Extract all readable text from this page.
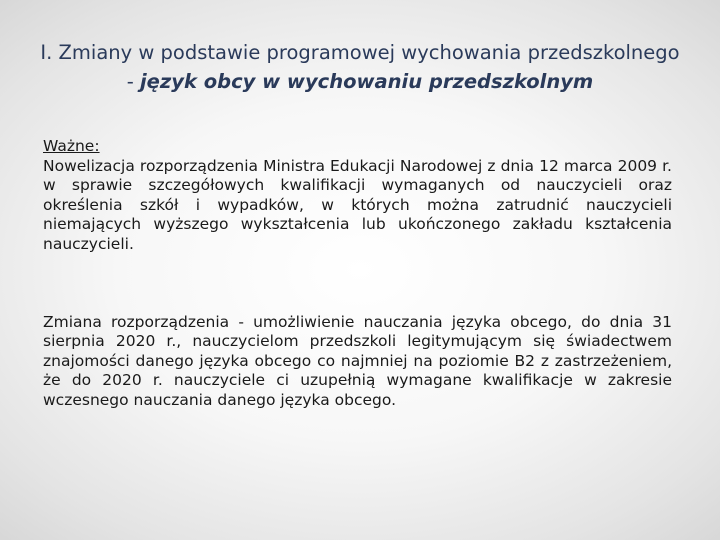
I. Zmiany w podstawie programowej wychowania przedszkolnego - język obcy w wychowaniu przedszkolnym
Ważne:
Nowelizacja rozporządzenia Ministra Edukacji Narodowej z dnia 12 marca 2009 r. w sprawie szczegółowych kwalifikacji wymaganych od nauczycieli oraz określenia szkół i wypadków, w których można zatrudnić nauczycieli niemających wyższego wykształcenia lub ukończonego zakładu kształcenia nauczycieli.
Zmiana rozporządzenia - umożliwienie nauczania języka obcego, do dnia 31 sierpnia 2020 r., nauczycielom przedszkoli legitymującym się świadectwem znajomości danego języka obcego co najmniej na poziomie B2 z zastrzeżeniem, że do 2020 r. nauczyciele ci uzupełnią wymagane kwalifikacje w zakresie wczesnego nauczania danego języka obcego.
